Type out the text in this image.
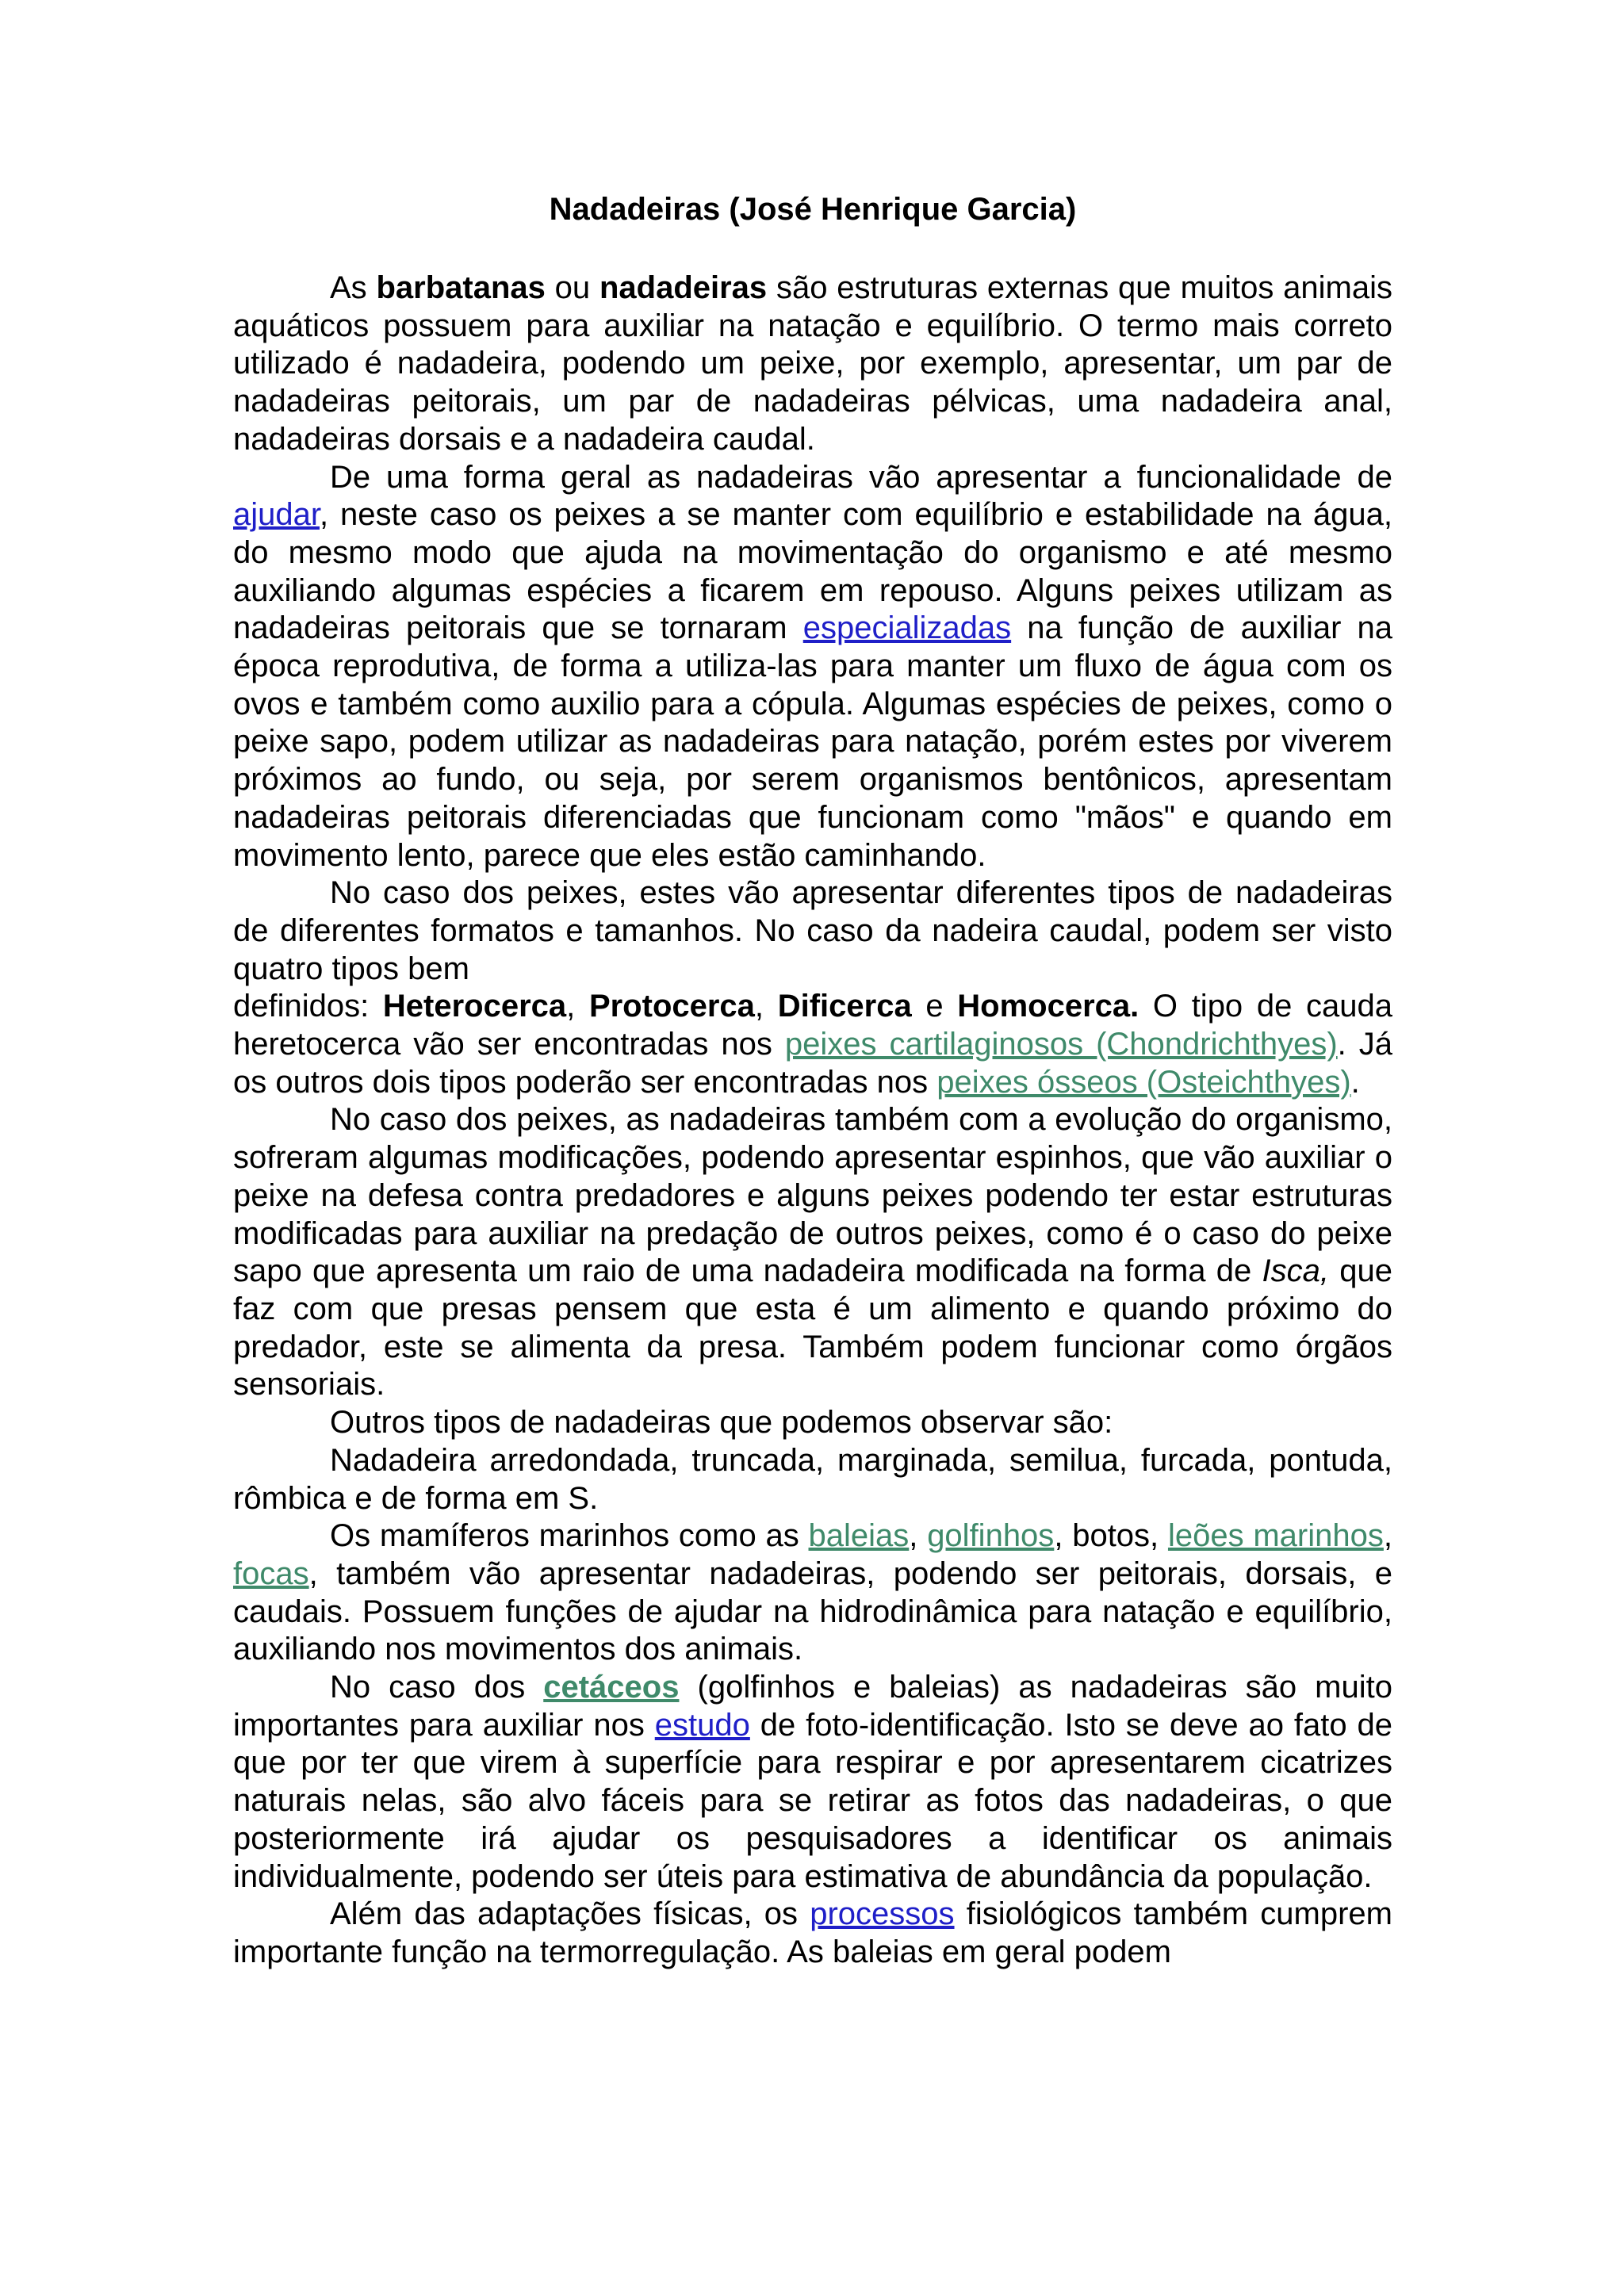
Nadadeiras (José Henrique Garcia)

As barbatanas ou nadadeiras são estruturas externas que muitos animais aquáticos possuem para auxiliar na natação e equilíbrio. O termo mais correto utilizado é nadadeira, podendo um peixe, por exemplo, apresentar, um par de nadadeiras peitorais, um par de nadadeiras pélvicas, uma nadadeira anal, nadadeiras dorsais e a nadadeira caudal.

De uma forma geral as nadadeiras vão apresentar a funcionalidade de ajudar, neste caso os peixes a se manter com equilíbrio e estabilidade na água, do mesmo modo que ajuda na movimentação do organismo e até mesmo auxiliando algumas espécies a ficarem em repouso. Alguns peixes utilizam as nadadeiras peitorais que se tornaram especializadas na função de auxiliar na época reprodutiva, de forma a utiliza-las para manter um fluxo de água com os ovos e também como auxilio para a cópula. Algumas espécies de peixes, como o peixe sapo, podem utilizar as nadadeiras para natação, porém estes por viverem próximos ao fundo, ou seja, por serem organismos bentônicos, apresentam nadadeiras peitorais diferenciadas que funcionam como "mãos" e quando em movimento lento, parece que eles estão caminhando.

No caso dos peixes, estes vão apresentar diferentes tipos de nadadeiras de diferentes formatos e tamanhos. No caso da nadeira caudal, podem ser visto quatro tipos bem
definidos: Heterocerca, Protocerca, Dificerca e Homocerca. O tipo de cauda heretocerca vão ser encontradas nos peixes cartilaginosos (Chondrichthyes). Já os outros dois tipos poderão ser encontradas nos peixes ósseos (Osteichthyes).

No caso dos peixes, as nadadeiras também com a evolução do organismo, sofreram algumas modificações, podendo apresentar espinhos, que vão auxiliar o peixe na defesa contra predadores e alguns peixes podendo ter estar estruturas modificadas para auxiliar na predação de outros peixes, como é o caso do peixe sapo que apresenta um raio de uma nadadeira modificada na forma de Isca, que faz com que presas pensem que esta é um alimento e quando próximo do predador, este se alimenta da presa. Também podem funcionar como órgãos sensoriais.

Outros tipos de nadadeiras que podemos observar são:

Nadadeira arredondada, truncada, marginada, semilua, furcada, pontuda, rômbica e de forma em S.

Os mamíferos marinhos como as baleias, golfinhos, botos, leões marinhos, focas, também vão apresentar nadadeiras, podendo ser peitorais, dorsais, e caudais. Possuem funções de ajudar na hidrodinâmica para natação e equilíbrio, auxiliando nos movimentos dos animais.

No caso dos cetáceos (golfinhos e baleias) as nadadeiras são muito importantes para auxiliar nos estudo de foto-identificação. Isto se deve ao fato de que por ter que virem à superfície para respirar e por apresentarem cicatrizes naturais nelas, são alvo fáceis para se retirar as fotos das nadadeiras, o que posteriormente irá ajudar os pesquisadores a identificar os animais individualmente, podendo ser úteis para estimativa de abundância da população.

Além das adaptações físicas, os processos fisiológicos também cumprem importante função na termorregulação. As baleias em geral podem
